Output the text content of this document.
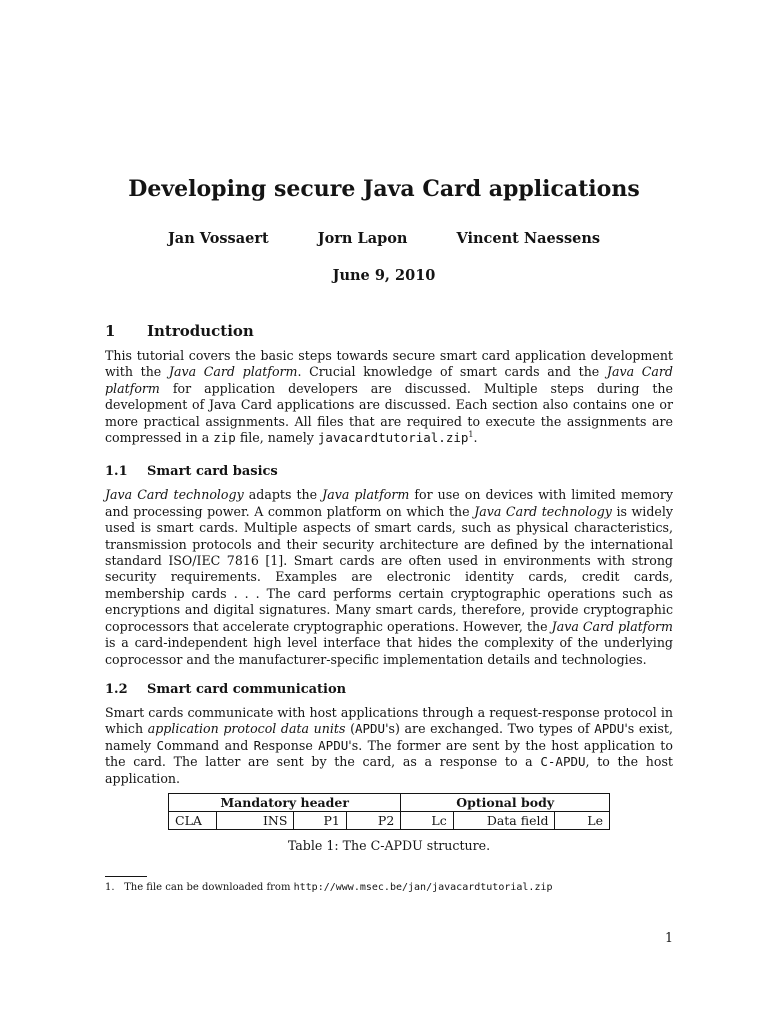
Developing secure Java Card applications
Jan Vossaert	Jorn Lapon	Vincent Naessens
June 9, 2010
1 Introduction

This tutorial covers the basic steps towards secure smart card application development with the Java Card platform. Crucial knowledge of smart cards and the Java Card platform for application developers are discussed. Multiple steps during the development of Java Card applications are discussed. Each section also contains one or more practical assignments. All files that are required to execute the assignments are compressed in a zip file, namely javacardtutorial.zip$^1$.

1.1 Smart card basics

Java Card technology adapts the Java platform for use on devices with limited memory and processing power. A common platform on which the Java Card technology is widely used is smart cards. Multiple aspects of smart cards, such as physical characteristics, transmission protocols and their security architecture are defined by the international standard ISO/IEC 7816 [1]. Smart cards are often used in environments with strong security requirements. Examples are electronic identity cards, credit cards, membership cards . . . The card performs certain cryptographic operations such as encryptions and digital signatures. Many smart cards, therefore, provide cryptographic coprocessors that accelerate cryptographic operations. However, the Java Card platform is a card-independent high level interface that hides the complexity of the underlying coprocessor and the manufacturer-specific implementation details and technologies.

1.2 Smart card communication

Smart cards communicate with host applications through a request-response protocol in which application protocol data units (APDU's) are exchanged. Two types of APDU's exist, namely Command and Response APDU's. The former are sent by the host application to the card. The latter are sent by the card, as a response to a C-APDU, to the host application.

Mandatory header				Optional body		
CLA	INS	P1	P2	Lc	Data field	Le
Table 1: The C-APDU structure.
1. The file can be downloaded from http://www.msec.be/jan/javacardtutorial.zip
1
